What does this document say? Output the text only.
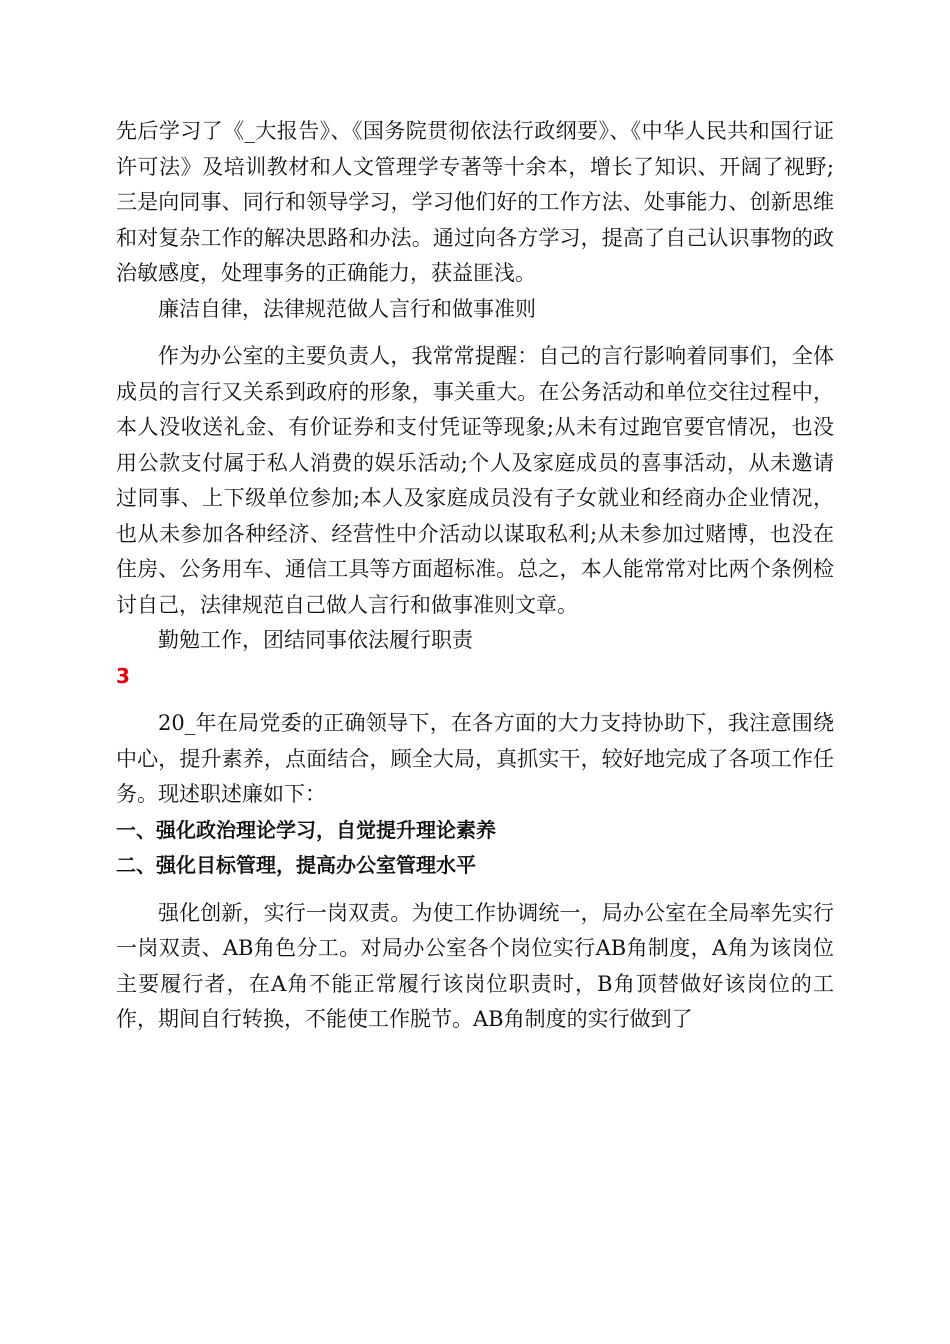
先后学习了《_大报告》、《国务院贯彻依法行政纲要》、《中华人民共和国行证许可法》及培训教材和人文管理学专著等十余本，增长了知识、开阔了视野;三是向同事、同行和领导学习，学习他们好的工作方法、处事能力、创新思维和对复杂工作的解决思路和办法。通过向各方学习，提高了自己认识事物的政治敏感度，处理事务的正确能力，获益匪浅。

廉洁自律，法律规范做人言行和做事准则

作为办公室的主要负责人，我常常提醒：自己的言行影响着同事们，全体成员的言行又关系到政府的形象，事关重大。在公务活动和单位交往过程中，本人没收送礼金、有价证券和支付凭证等现象;从未有过跑官要官情况，也没用公款支付属于私人消费的娱乐活动;个人及家庭成员的喜事活动，从未邀请过同事、上下级单位参加;本人及家庭成员没有子女就业和经商办企业情况，也从未参加各种经济、经营性中介活动以谋取私利;从未参加过赌博，也没在住房、公务用车、通信工具等方面超标准。总之，本人能常常对比两个条例检讨自己，法律规范自己做人言行和做事准则文章。

勤勉工作，团结同事依法履行职责

3

20_年在局党委的正确领导下，在各方面的大力支持协助下，我注意围绕中心，提升素养，点面结合，顾全大局，真抓实干，较好地完成了各项工作任务。现述职述廉如下：

一、强化政治理论学习，自觉提升理论素养

二、强化目标管理，提高办公室管理水平

强化创新，实行一岗双责。为使工作协调统一，局办公室在全局率先实行一岗双责、AB角色分工。对局办公室各个岗位实行AB角制度，A角为该岗位主要履行者，在A角不能正常履行该岗位职责时，B角顶替做好该岗位的工作，期间自行转换，不能使工作脱节。AB角制度的实行做到了
